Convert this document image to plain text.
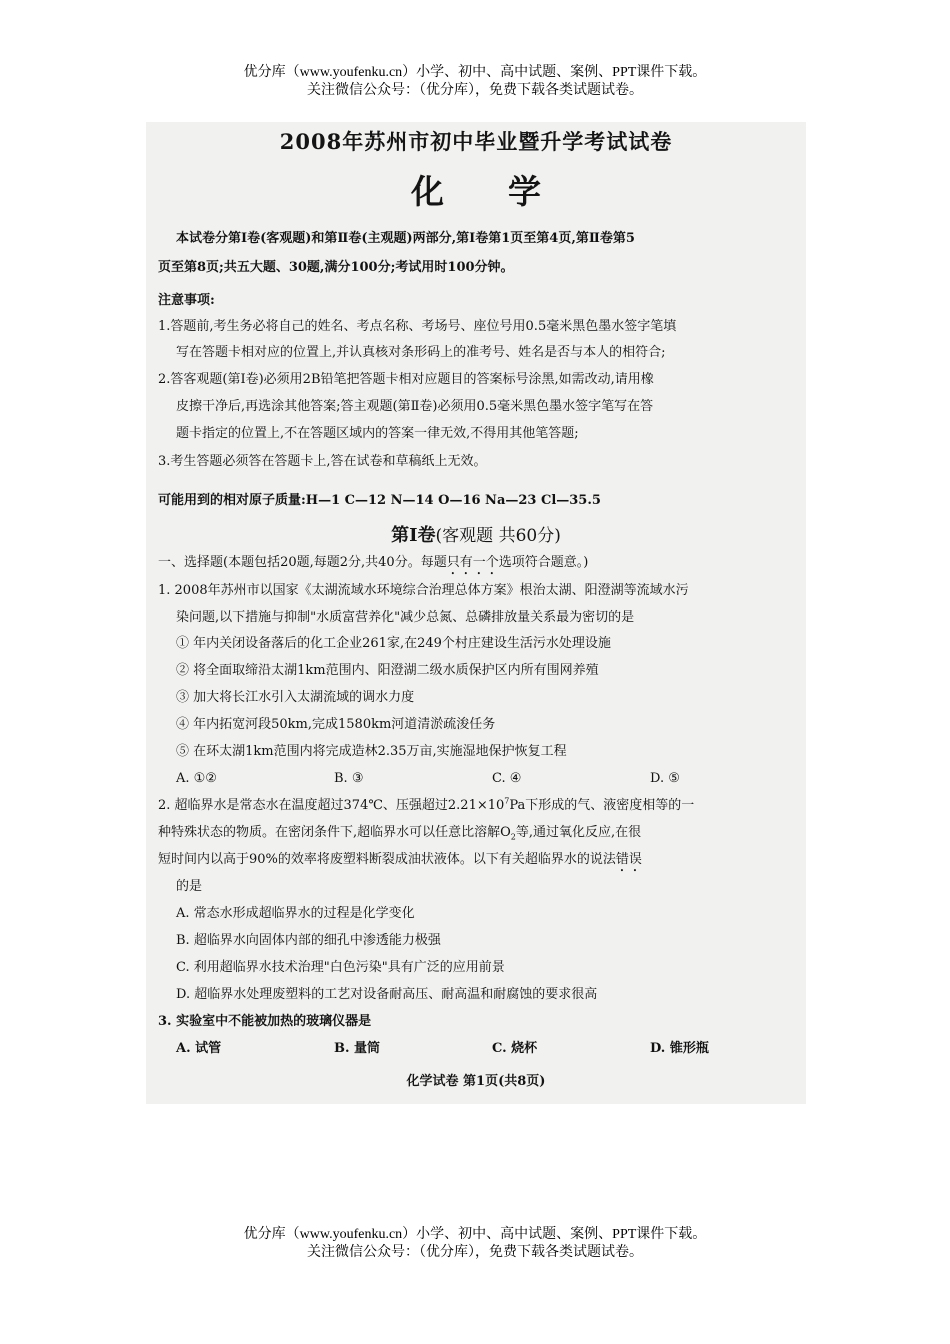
优分库（www.youfenku.cn）小学、初中、高中试题、案例、PPT课件下载。
关注微信公众号：（优分库），免费下载各类试题试卷。
2008年苏州市初中毕业暨升学考试试卷
化学
本试卷分第Ⅰ卷(客观题)和第Ⅱ卷(主观题)两部分,第Ⅰ卷第1页至第4页,第Ⅱ卷第5
页至第8页;共五大题、30题,满分100分;考试用时100分钟。
注意事项:
1.答题前,考生务必将自己的姓名、考点名称、考场号、座位号用0.5毫米黑色墨水签字笔填
写在答题卡相对应的位置上,并认真核对条形码上的准考号、姓名是否与本人的相符合;
2.答客观题(第Ⅰ卷)必须用2B铅笔把答题卡相对应题目的答案标号涂黑,如需改动,请用橡
皮擦干净后,再选涂其他答案;答主观题(第Ⅱ卷)必须用0.5毫米黑色墨水签字笔写在答
题卡指定的位置上,不在答题区域内的答案一律无效,不得用其他笔答题;
3.考生答题必须答在答题卡上,答在试卷和草稿纸上无效。
可能用到的相对原子质量:H—1 C—12 N—14 O—16 Na—23 Cl—35.5
第Ⅰ卷(客观题 共60分)
一、选择题(本题包括20题,每题2分,共40分。每题只有一个选项符合题意。)
1. 2008年苏州市以国家《太湖流域水环境综合治理总体方案》根治太湖、阳澄湖等流域水污
染问题,以下措施与抑制"水质富营养化"减少总氮、总磷排放量关系最为密切的是
① 年内关闭设备落后的化工企业261家,在249个村庄建设生活污水处理设施
② 将全面取缔沿太湖1km范围内、阳澄湖二级水质保护区内所有围网养殖
③ 加大将长江水引入太湖流域的调水力度
④ 年内拓宽河段50km,完成1580km河道清淤疏浚任务
⑤ 在环太湖1km范围内将完成造林2.35万亩,实施湿地保护恢复工程
A. ①②	B. ③	C. ④	D. ⑤
2. 超临界水是常态水在温度超过374℃、压强超过$2.21\times 10^7Pa$下形成的气、液密度相等的一
种特殊状态的物质。在密闭条件下,超临界水可以任意比溶解$O_2$等,通过氧化反应,在很
短时间内以高于90%的效率将废塑料断裂成油状液体。以下有关超临界水的说法错误
的是
A. 常态水形成超临界水的过程是化学变化
B. 超临界水向固体内部的细孔中渗透能力极强
C. 利用超临界水技术治理"白色污染"具有广泛的应用前景
D. 超临界水处理废塑料的工艺对设备耐高压、耐高温和耐腐蚀的要求很高
3. 实验室中不能被加热的玻璃仪器是
A. 试管	B. 量筒	C. 烧杯	D. 锥形瓶
化学试卷 第1页(共8页)
优分库（www.youfenku.cn）小学、初中、高中试题、案例、PPT课件下载。
关注微信公众号：（优分库），免费下载各类试题试卷。
